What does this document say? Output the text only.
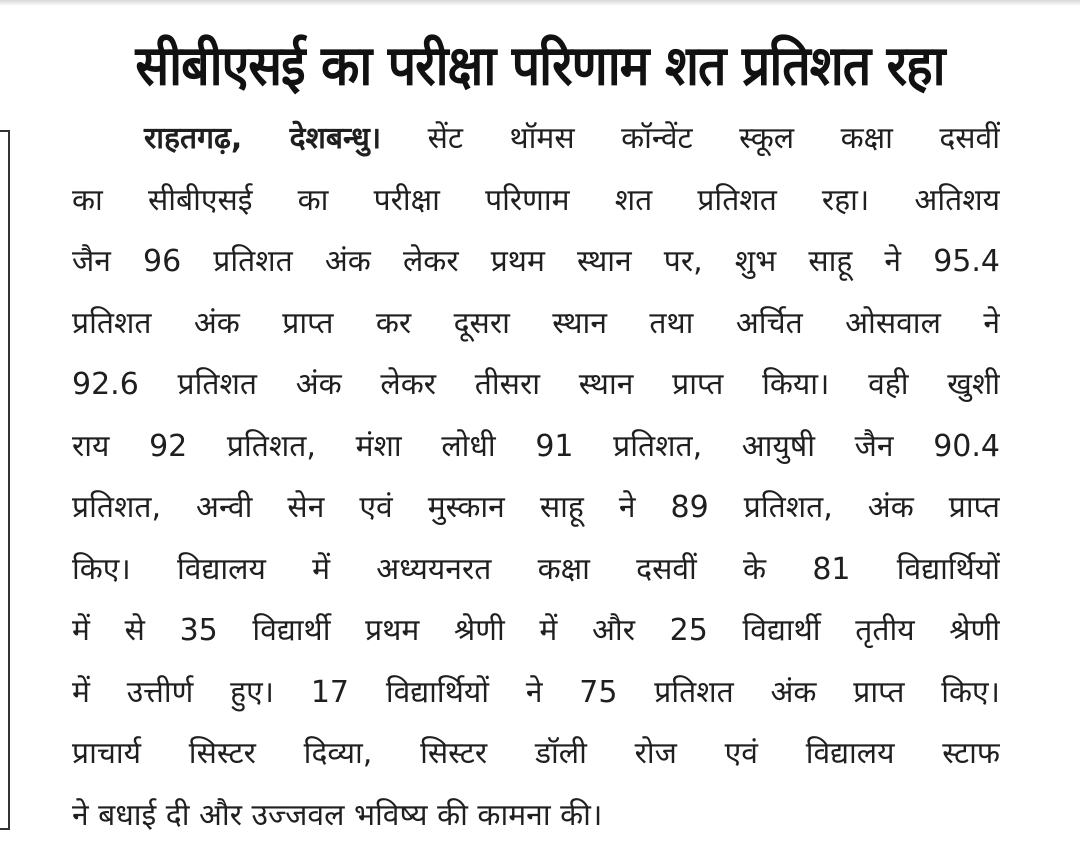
सीबीएसई का परीक्षा परिणाम शत प्रतिशत रहा
राहतगढ़, देशबन्धु। सेंट थॉमस कॉन्वेंट स्कूल कक्षा दसवीं
का सीबीएसई का परीक्षा परिणाम शत प्रतिशत रहा। अतिशय
जैन 96 प्रतिशत अंक लेकर प्रथम स्थान पर, शुभ साहू ने 95.4
प्रतिशत अंक प्राप्त कर दूसरा स्थान तथा अर्चित ओसवाल ने
92.6 प्रतिशत अंक लेकर तीसरा स्थान प्राप्त किया। वही खुशी
राय 92 प्रतिशत, मंशा लोधी 91 प्रतिशत, आयुषी जैन 90.4
प्रतिशत, अन्वी सेन एवं मुस्कान साहू ने 89 प्रतिशत, अंक प्राप्त
किए। विद्यालय में अध्ययनरत कक्षा दसवीं के 81 विद्यार्थियों
में से 35 विद्यार्थी प्रथम श्रेणी में और 25 विद्यार्थी तृतीय श्रेणी
में उत्तीर्ण हुए। 17 विद्यार्थियों ने 75 प्रतिशत अंक प्राप्त किए।
प्राचार्य सिस्टर दिव्या, सिस्टर डॉली रोज एवं विद्यालय स्टाफ
ने बधाई दी और उज्जवल भविष्य की कामना की।
